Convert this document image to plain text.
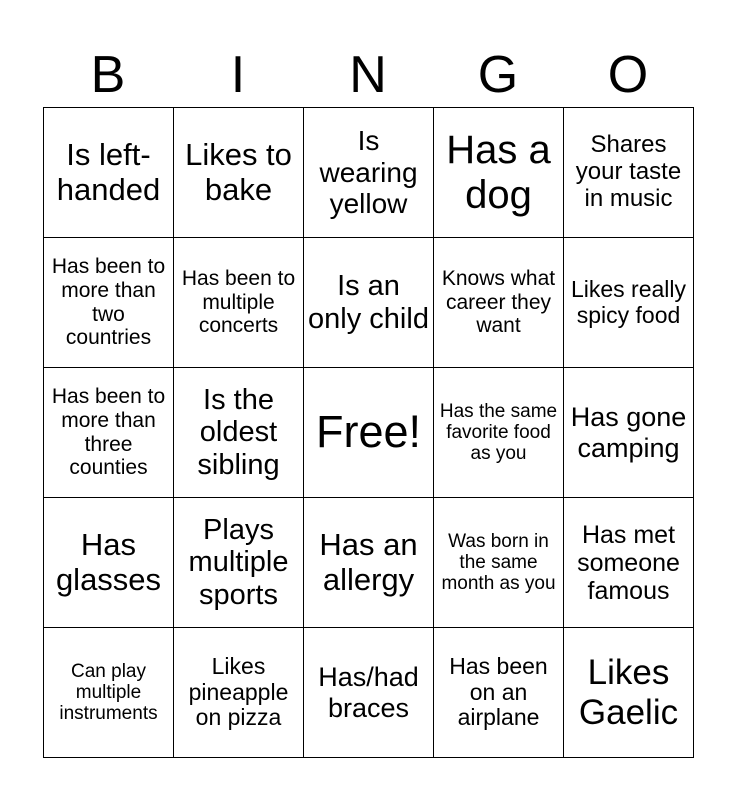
B	I	N	G	O
Is left-handed	Likes to bake	Is wearing yellow	Has a dog	Shares your taste in music
Has been to more than two countries	Has been to multiple concerts	Is an only child	Knows what career they want	Likes really spicy food
Has been to more than three counties	Is the oldest sibling	Free!	Has the same favorite food as you	Has gone camping
Has glasses	Plays multiple sports	Has an allergy	Was born in the same month as you	Has met someone famous
Can play multiple instruments	Likes pineapple on pizza	Has/had braces	Has been on an airplane	Likes Gaelic
